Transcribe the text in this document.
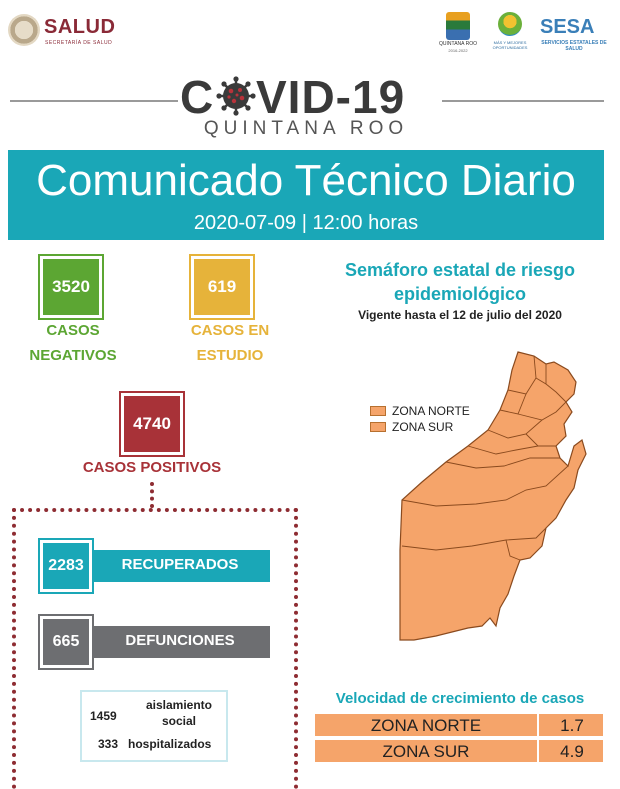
SALUD
SECRETARÍA DE SALUD	QUINTANA ROO
2016-2022
MÁS Y MEJORES OPORTUNIDADES
SESA
SERVICIOS ESTATALES DE SALUD
C VID-19
QUINTANA ROO
Comunicado Técnico Diario
2020-07-09 | 12:00 horas
3520
CASOS
NEGATIVOS
619
CASOS EN
ESTUDIO
4740
CASOS POSITIVOS
RECUPERADOS
2283
DEFUNCIONES
665
1459
aislamiento
social
333 hospitalizados
Semáforo estatal de riesgo
epidemiológico
Vigente hasta el 12 de julio del 2020
ZONA NORTE
ZONA SUR
Velocidad de crecimiento de casos
ZONA NORTE	1.7
ZONA SUR	4.9
